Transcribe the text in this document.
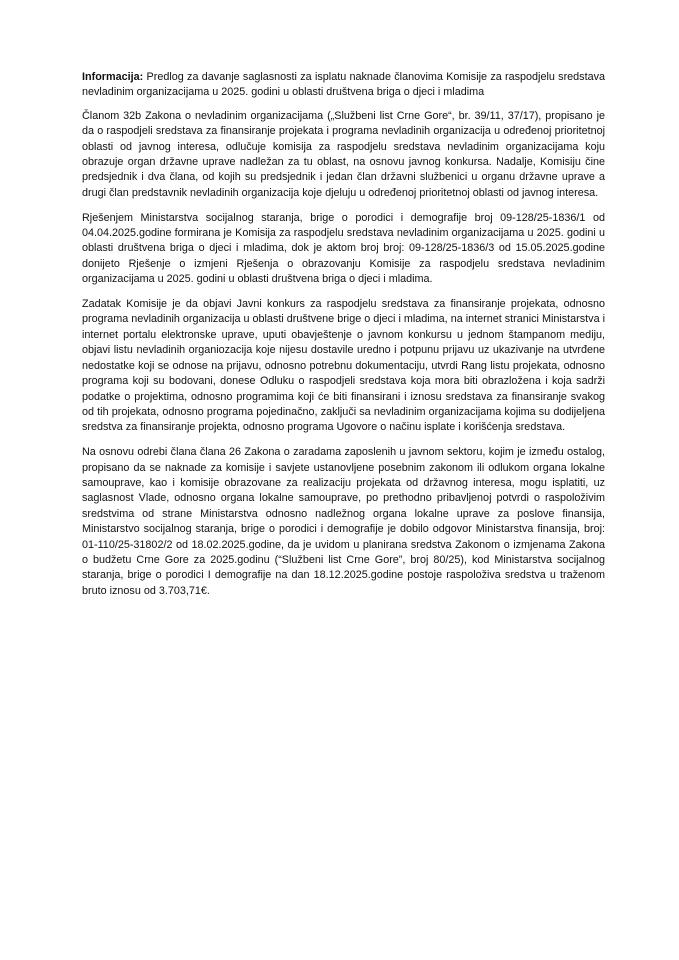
Informacija: Predlog za davanje saglasnosti za isplatu naknade članovima Komisije za raspodjelu sredstava nevladinim organizacijama u 2025. godini u oblasti društvena briga o djeci i mladima

Članom 32b Zakona o nevladinim organizacijama („Službeni list Crne Gore“, br. 39/11, 37/17), propisano je da o raspodjeli sredstava za finansiranje projekata i programa nevladinih organizacija u određenoj prioritetnoj oblasti od javnog interesa, odlučuje komisija za raspodjelu sredstava nevladinim organizacijama koju obrazuje organ državne uprave nadležan za tu oblast, na osnovu javnog konkursa. Nadalje, Komisiju čine predsjednik i dva člana, od kojih su predsjednik i jedan član državni službenici u organu državne uprave a drugi član predstavnik nevladinih organizacija koje djeluju u određenoj prioritetnoj oblasti od javnog interesa.

Rješenjem Ministarstva socijalnog staranja, brige o porodici i demografije broj 09-128/25-1836/1 od 04.04.2025.godine formirana je Komisija za raspodjelu sredstava nevladinim organizacijama u 2025. godini u oblasti društvena briga o djeci i mladima, dok je aktom broj broj: 09-128/25-1836/3 od 15.05.2025.godine donijeto Rješenje o izmjeni Rješenja o obrazovanju Komisije za raspodjelu sredstava nevladinim organizacijama u 2025. godini u oblasti društvena briga o djeci i mladima.

Zadatak Komisije je da objavi Javni konkurs za raspodjelu sredstava za finansiranje projekata, odnosno programa nevladinih organizacija u oblasti društvene brige o djeci i mladima, na internet stranici Ministarstva i internet portalu elektronske uprave, uputi obavještenje o javnom konkursu u jednom štampanom mediju, objavi listu nevladinih organiozacija koje nijesu dostavile uredno i potpunu prijavu uz ukazivanje na utvrđene nedostatke koji se odnose na prijavu, odnosno potrebnu dokumentaciju, utvrdi Rang listu projekata, odnosno programa koji su bodovani, donese Odluku o raspodjeli sredstava koja mora biti obrazložena i koja sadrži podatke o projektima, odnosno programima koji će biti finansirani i iznosu sredstava za finansiranje svakog od tih projekata, odnosno programa pojedinačno, zaključi sa nevladinim organizacijama kojima su dodijeljena sredstva za finansiranje projekta, odnosno programa Ugovore o načinu isplate i korišćenja sredstava.

Na osnovu odrebi člana člana 26 Zakona o zaradama zaposlenih u javnom sektoru, kojim je između ostalog, propisano da se naknade za komisije i savjete ustanovljene posebnim zakonom ili odlukom organa lokalne samouprave, kao i komisije obrazovane za realizaciju projekata od državnog interesa, mogu isplatiti, uz saglasnost Vlade, odnosno organa lokalne samouprave, po prethodno pribavljenoj potvrdi o raspoloživim sredstvima od strane Ministarstva odnosno nadležnog organa lokalne uprave za poslove finansija, Ministarstvo socijalnog staranja, brige o porodici i demografije je dobilo odgovor Ministarstva finansija, broj: 01-110/25-31802/2 od 18.02.2025.godine, da je uvidom u planirana sredstva Zakonom o izmjenama Zakona o budžetu Crne Gore za 2025.godinu (“Službeni list Crne Gore”, broj 80/25), kod Ministarstva socijalnog staranja, brige o porodici I demografije na dan 18.12.2025.godine postoje raspoloživa sredstva u traženom bruto iznosu od 3.703,71€.
